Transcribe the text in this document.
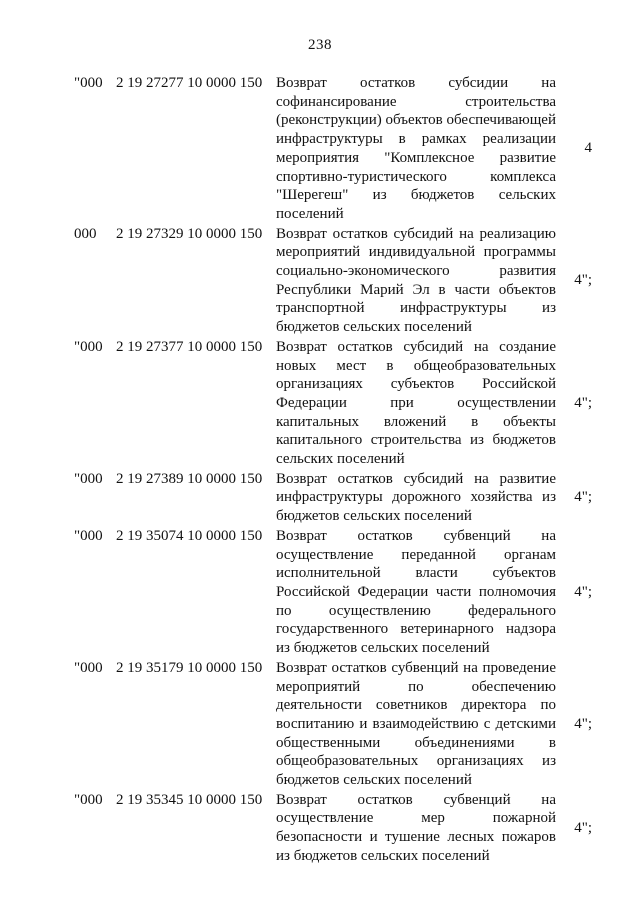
238
"000 2 19 27277 10 0000 150 Возврат остатков субсидии на софинансирование строительства (реконструкции) объектов обеспечивающей инфраструктуры в рамках реализации мероприятия "Комплексное развитие спортивно-туристического комплекса "Шерегеш" из бюджетов сельских поселений
4
000	2 19 27329 10 0000 150 Возврат остатков субсидий на реализацию мероприятий индивидуальной программы социально-экономического развития Республики Марий Эл в части объектов транспортной инфраструктуры из бюджетов сельских поселений
4";
"000 2 19 27377 10 0000 150 Возврат остатков субсидий на создание новых мест в общеобразовательных организациях субъектов Российской Федерации при осуществлении капитальных вложений в объекты капитального строительства из бюджетов сельских поселений
4";
"000 2 19 27389 10 0000 150 Возврат остатков субсидий на развитие инфраструктуры дорожного хозяйства из бюджетов сельских поселений
4";
"000 2 19 35074 10 0000 150 Возврат остатков субвенций на осуществление переданной органам исполнительной власти субъектов Российской Федерации части полномочия по осуществлению федерального государственного ветеринарного надзора из бюджетов сельских поселений
4";
"000 2 19 35179 10 0000 150 Возврат остатков субвенций на проведение мероприятий по обеспечению деятельности советников директора по воспитанию и взаимодействию с детскими общественными объединениями в общеобразовательных организациях из бюджетов сельских поселений
4";
"000 2 19 35345 10 0000 150 Возврат остатков субвенций на осуществление мер пожарной безопасности и тушение лесных пожаров из бюджетов сельских поселений
4";
